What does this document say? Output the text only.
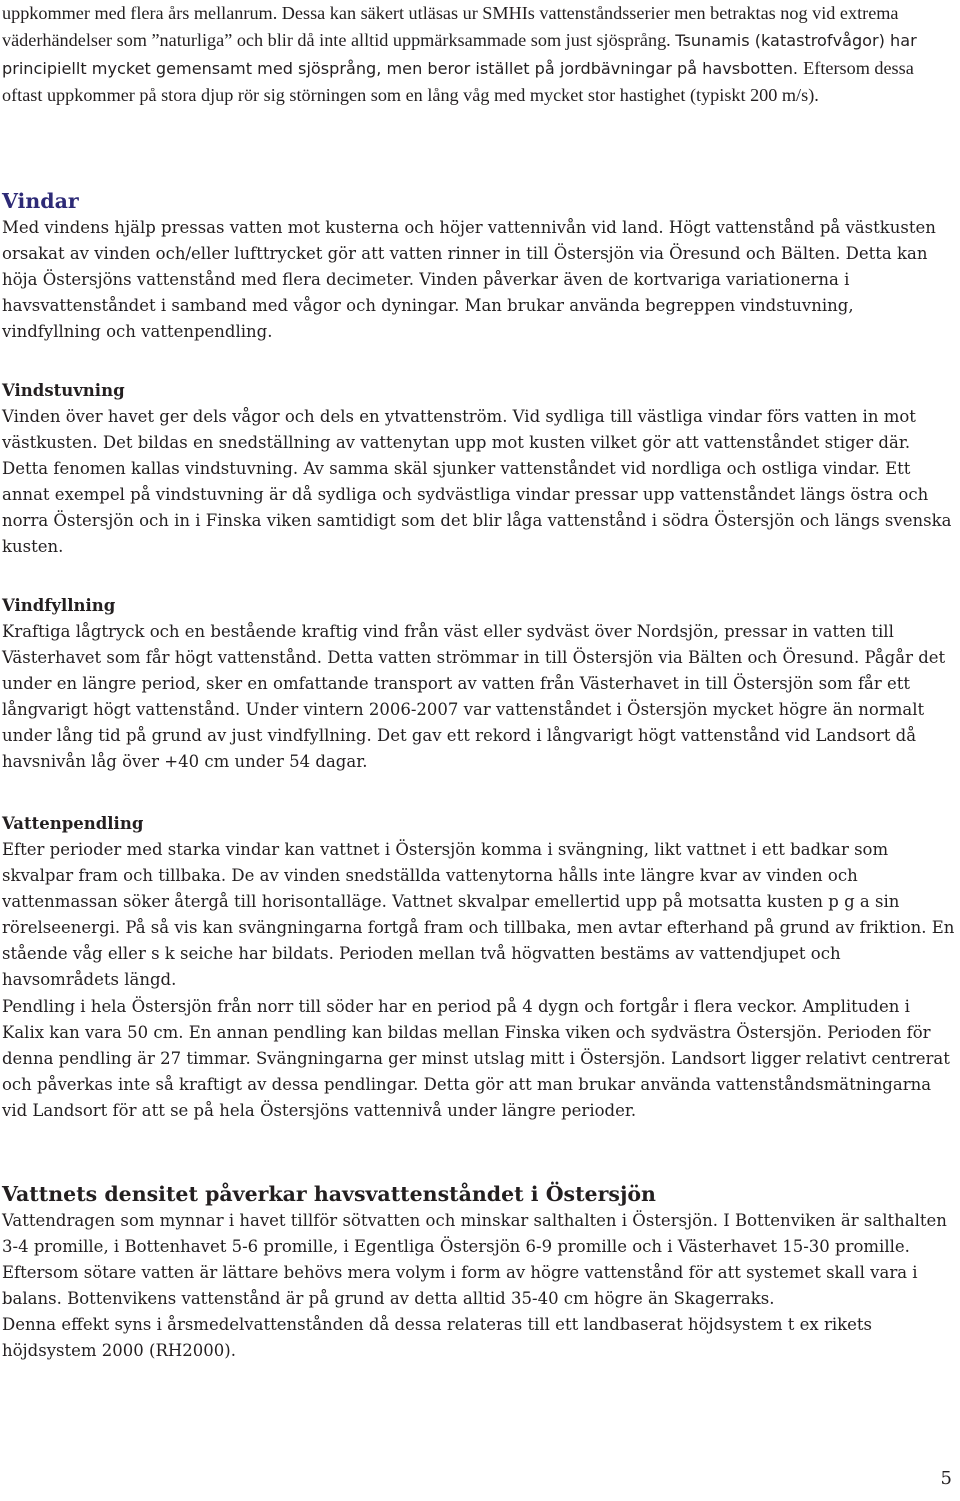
uppkommer med flera års mellanrum. Dessa kan säkert utläsas ur SMHIs vattenståndsserier men betraktas nog vid extrema väderhändelser som ”naturliga” och blir då inte alltid uppmärksammade som just sjösprång. Tsunamis (katastrofvågor) har principiellt mycket gemensamt med sjösprång, men beror istället på jordbävningar på havsbotten. Eftersom dessa oftast uppkommer på stora djup rör sig störningen som en lång våg med mycket stor hastighet (typiskt 200 m/s).
Vindar

Med vindens hjälp pressas vatten mot kusterna och höjer vattennivån vid land. Högt vattenstånd på västkusten orsakat av vinden och/eller lufttrycket gör att vatten rinner in till Östersjön via Öresund och Bälten. Detta kan höja Östersjöns vattenstånd med flera decimeter. Vinden påverkar även de kortvariga variationerna i havsvattenståndet i samband med vågor och dyningar. Man brukar använda begreppen vindstuvning, vindfyllning och vattenpendling.

Vindstuvning

Vinden över havet ger dels vågor och dels en ytvattenström. Vid sydliga till västliga vindar förs vatten in mot västkusten. Det bildas en snedställning av vattenytan upp mot kusten vilket gör att vattenståndet stiger där. Detta fenomen kallas vindstuvning. Av samma skäl sjunker vattenståndet vid nordliga och ostliga vindar. Ett annat exempel på vindstuvning är då sydliga och sydvästliga vindar pressar upp vattenståndet längs östra och norra Östersjön och in i Finska viken samtidigt som det blir låga vattenstånd i södra Östersjön och längs svenska kusten.

Vindfyllning

Kraftiga lågtryck och en bestående kraftig vind från väst eller sydväst över Nordsjön, pressar in vatten till Västerhavet som får högt vattenstånd. Detta vatten strömmar in till Östersjön via Bälten och Öresund. Pågår det under en längre period, sker en omfattande transport av vatten från Västerhavet in till Östersjön som får ett långvarigt högt vattenstånd. Under vintern 2006-2007 var vattenståndet i Östersjön mycket högre än normalt under lång tid på grund av just vindfyllning. Det gav ett rekord i långvarigt högt vattenstånd vid Landsort då havsnivån låg över +40 cm under 54 dagar.

Vattenpendling

Efter perioder med starka vindar kan vattnet i Östersjön komma i svängning, likt vattnet i ett badkar som skvalpar fram och tillbaka. De av vinden snedställda vattenytorna hålls inte längre kvar av vinden och vattenmassan söker återgå till horisontalläge. Vattnet skvalpar emellertid upp på motsatta kusten p g a sin rörelseenergi. På så vis kan svängningarna fortgå fram och tillbaka, men avtar efterhand på grund av friktion. En stående våg eller s k seiche har bildats. Perioden mellan två högvatten bestäms av vattendjupet och havsområdets längd.

Pendling i hela Östersjön från norr till söder har en period på 4 dygn och fortgår i flera veckor. Amplituden i Kalix kan vara 50 cm. En annan pendling kan bildas mellan Finska viken och sydvästra Östersjön. Perioden för denna pendling är 27 timmar. Svängningarna ger minst utslag mitt i Östersjön. Landsort ligger relativt centrerat och påverkas inte så kraftigt av dessa pendlingar. Detta gör att man brukar använda vattenståndsmätningarna vid Landsort för att se på hela Östersjöns vattennivå under längre perioder.

Vattnets densitet påverkar havsvattenståndet i Östersjön

Vattendragen som mynnar i havet tillför sötvatten och minskar salthalten i Östersjön. I Bottenviken är salthalten 3-4 promille, i Bottenhavet 5-6 promille, i Egentliga Östersjön 6-9 promille och i Västerhavet 15-30 promille. Eftersom sötare vatten är lättare behövs mera volym i form av högre vattenstånd för att systemet skall vara i balans. Bottenvikens vattenstånd är på grund av detta alltid 35-40 cm högre än Skagerraks.

Denna effekt syns i årsmedelvattenstånden då dessa relateras till ett landbaserat höjdsystem t ex rikets höjdsystem 2000 (RH2000).

5
